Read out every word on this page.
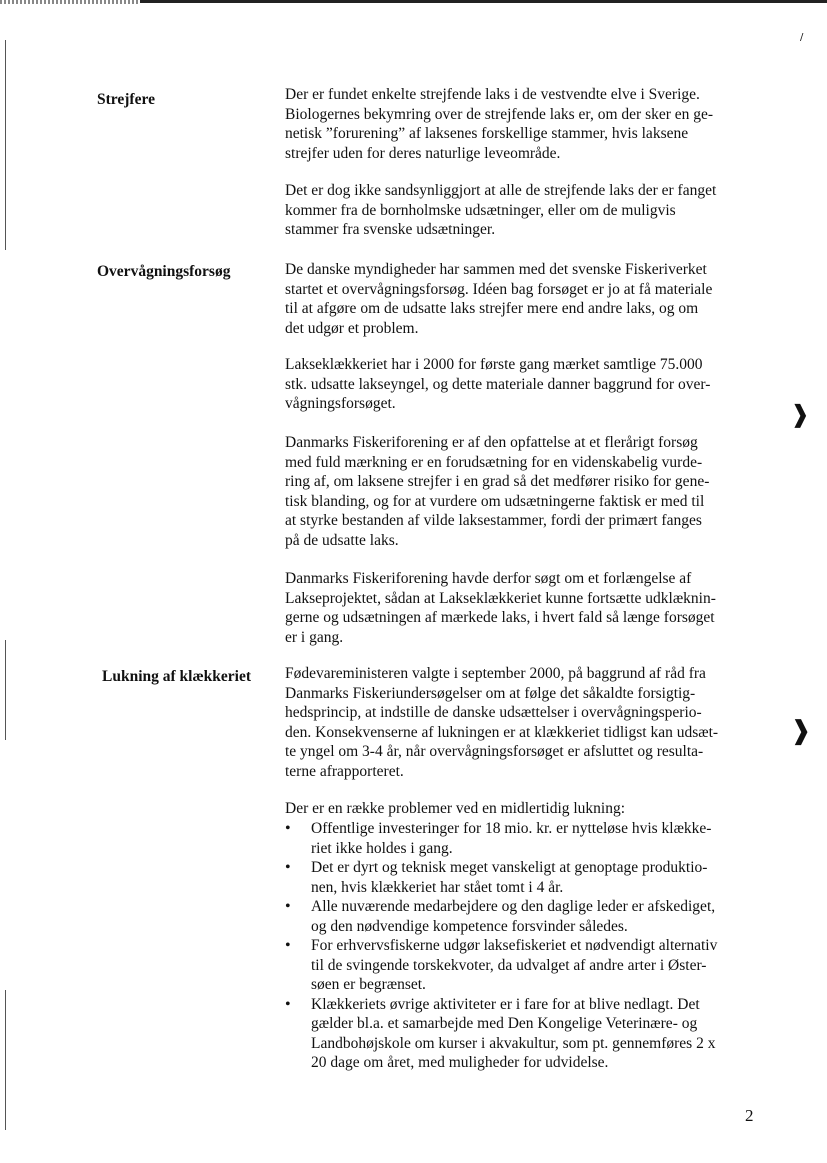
❱
❱
/
Strejfere
Overvågningsforsøg
Lukning af klækkeriet
Der er fundet enkelte strejfende laks i de vestvendte elve i Sverige.
Biologernes bekymring over de strejfende laks er, om der sker en ge-
netisk ”forurening” af laksenes forskellige stammer, hvis laksene
strejfer uden for deres naturlige leveområde.
Det er dog ikke sandsynliggjort at alle de strejfende laks der er fanget
kommer fra de bornholmske udsætninger, eller om de muligvis
stammer fra svenske udsætninger.
De danske myndigheder har sammen med det svenske Fiskeriverket
startet et overvågningsforsøg. Idéen bag forsøget er jo at få materiale
til at afgøre om de udsatte laks strejfer mere end andre laks, og om
det udgør et problem.
Lakseklækkeriet har i 2000 for første gang mærket samtlige 75.000
stk. udsatte lakseyngel, og dette materiale danner baggrund for over-
vågningsforsøget.
Danmarks Fiskeriforening er af den opfattelse at et flerårigt forsøg
med fuld mærkning er en forudsætning for en videnskabelig vurde-
ring af, om laksene strejfer i en grad så det medfører risiko for gene-
tisk blanding, og for at vurdere om udsætningerne faktisk er med til
at styrke bestanden af vilde laksestammer, fordi der primært fanges
på de udsatte laks.
Danmarks Fiskeriforening havde derfor søgt om et forlængelse af
Lakseprojektet, sådan at Lakseklækkeriet kunne fortsætte udklæknin-
gerne og udsætningen af mærkede laks, i hvert fald så længe forsøget
er i gang.
Fødevareministeren valgte i september 2000, på baggrund af råd fra
Danmarks Fiskeriundersøgelser om at følge det såkaldte forsigtig-
hedsprincip, at indstille de danske udsættelser i overvågningsperio-
den. Konsekvenserne af lukningen er at klækkeriet tidligst kan udsæt-
te yngel om 3-4 år, når overvågningsforsøget er afsluttet og resulta-
terne afrapporteret.
Der er en række problemer ved en midlertidig lukning:
• Offentlige investeringer for 18 mio. kr. er nytteløse hvis klække-
riet ikke holdes i gang.
• Det er dyrt og teknisk meget vanskeligt at genoptage produktio-
nen, hvis klækkeriet har stået tomt i 4 år.
• Alle nuværende medarbejdere og den daglige leder er afskediget,
og den nødvendige kompetence forsvinder således.
• For erhvervsfiskerne udgør laksefiskeriet et nødvendigt alternativ
til de svingende torskekvoter, da udvalget af andre arter i Øster-
søen er begrænset.
• Klækkeriets øvrige aktiviteter er i fare for at blive nedlagt. Det
gælder bl.a. et samarbejde med Den Kongelige Veterinære- og
Landbohøjskole om kurser i akvakultur, som pt. gennemføres 2 x
20 dage om året, med muligheder for udvidelse.
2
